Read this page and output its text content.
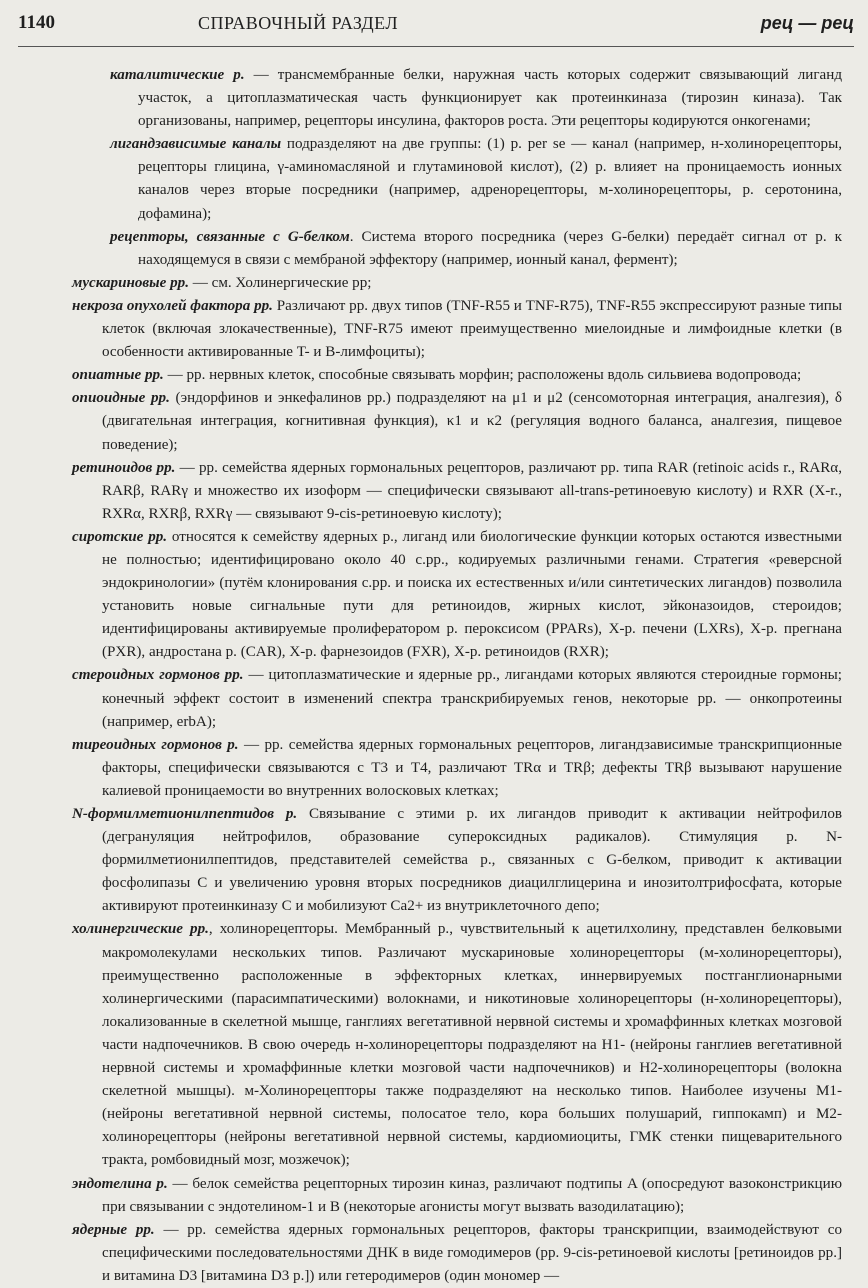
1140	СПРАВОЧНЫЙ РАЗДЕЛ	рец — рец

каталитические р. — трансмембранные белки, наружная часть которых содержит связывающий лиганд участок, а цитоплазматическая часть функционирует как протеинкиназа (тирозин киназа). Так организованы, например, рецепторы инсулина, факторов роста. Эти рецепторы кодируются онкогенами;

лигандзависимые каналы подразделяют на две группы: (1) р. per se — канал (например, н-холинорецепторы, рецепторы глицина, γ-аминомасляной и глутаминовой кислот), (2) р. влияет на проницаемость ионных каналов через вторые посредники (например, адренорецепторы, м-холинорецепторы, р. серотонина, дофамина);

рецепторы, связанные с G-белком. Система второго посредника (через G-белки) передаёт сигнал от р. к находящемуся в связи с мембраной эффектору (например, ионный канал, фермент);

мускариновые рр. — см. Холинергические рр;

некроза опухолей фактора рр. Различают рр. двух типов (TNF-R55 и TNF-R75), TNF-R55 экспрессируют разные типы клеток (включая злокачественные), TNF-R75 имеют преимущественно миелоидные и лимфоидные клетки (в особенности активированные T- и B-лимфоциты);

опиатные рр. — рр. нервных клеток, способные связывать морфин; расположены вдоль сильвиева водопровода;

опиоидные рр. (эндорфинов и энкефалинов рр.) подразделяют на μ1 и μ2 (сенсомоторная интеграция, аналгезия), δ (двигательная интеграция, когнитивная функция), κ1 и κ2 (регуляция водного баланса, аналгезия, пищевое поведение);

ретиноидов рр. — рр. семейства ядерных гормональных рецепторов, различают рр. типа RAR (retinoic acids r., RARα, RARβ, RARγ и множество их изоформ — специфически связывают all-trans-ретиноевую кислоту) и RXR (X-r., RXRα, RXRβ, RXRγ — связывают 9-cis-ретиноевую кислоту);

сиротские рр. относятся к семейству ядерных р., лиганд или биологические функции которых остаются известными не полностью; идентифицировано около 40 с.рр., кодируемых различными генами. Стратегия «реверсной эндокринологии» (путём клонирования с.рр. и поиска их естественных и/или синтетических лигандов) позволила установить новые сигнальные пути для ретиноидов, жирных кислот, эйконазоидов, стероидов; идентифицированы активируемые пролифератором р. пероксисом (PPARs), X-р. печени (LXRs), X-р. прегнана (PXR), андростана р. (CAR), X-р. фарнезоидов (FXR), X-р. ретиноидов (RXR);

стероидных гормонов рр. — цитоплазматические и ядерные рр., лигандами которых являются стероидные гормоны; конечный эффект состоит в изменений спектра транскрибируемых генов, некоторые рр. — онкопротеины (например, erbA);

тиреоидных гормонов р. — рр. семейства ядерных гормональных рецепторов, лигандзависимые транскрипционные факторы, специфически связываются с T3 и T4, различают TRα и TRβ; дефекты TRβ вызывают нарушение калиевой проницаемости во внутренних волосковых клетках;

N-формилметионилпептидов р. Связывание с этими р. их лигандов приводит к активации нейтрофилов (дегрануляция нейтрофилов, образование супероксидных радикалов). Стимуляция р. N-формилметионилпептидов, представителей семейства р., связанных с G-белком, приводит к активации фосфолипазы C и увеличению уровня вторых посредников диацилглицерина и инозитолтрифосфата, которые активируют протеинкиназу C и мобилизуют Ca2+ из внутриклеточного депо;

холинергические рр., холинорецепторы. Мембранный р., чувствительный к ацетилхолину, представлен белковыми макромолекулами нескольких типов. Различают мускариновые холинорецепторы (м-холинорецепторы), преимущественно расположенные в эффекторных клетках, иннервируемых постганглионарными холинергическими (парасимпатическими) волокнами, и никотиновые холинорецепторы (н-холинорецепторы), локализованные в скелетной мышце, ганглиях вегетативной нервной системы и хромаффинных клетках мозговой части надпочечников. В свою очередь н-холинорецепторы подразделяют на H1- (нейроны ганглиев вегетативной нервной системы и хромаффинные клетки мозговой части надпочечников) и H2-холинорецепторы (волокна скелетной мышцы). м-Холинорецепторы также подразделяют на несколько типов. Наиболее изучены M1- (нейроны вегетативной нервной системы, полосатое тело, кора больших полушарий, гиппокамп) и M2-холинорецепторы (нейроны вегетативной нервной системы, кардиомиоциты, ГМК стенки пищеварительного тракта, ромбовидный мозг, мозжечок);

эндотелина р. — белок семейства рецепторных тирозин киназ, различают подтипы A (опосредуют вазоконстрикцию при связывании с эндотелином-1 и B (некоторые агонисты могут вызвать вазодилатацию);

ядерные рр. — рр. семейства ядерных гормональных рецепторов, факторы транскрипции, взаимодействуют со специфическими последовательностями ДНК в виде гомодимеров (рр. 9-cis-ретиноевой кислоты [ретиноидов рр.] и витамина D3 [витамина D3 р.]) или гетеродимеров (один мономер —
